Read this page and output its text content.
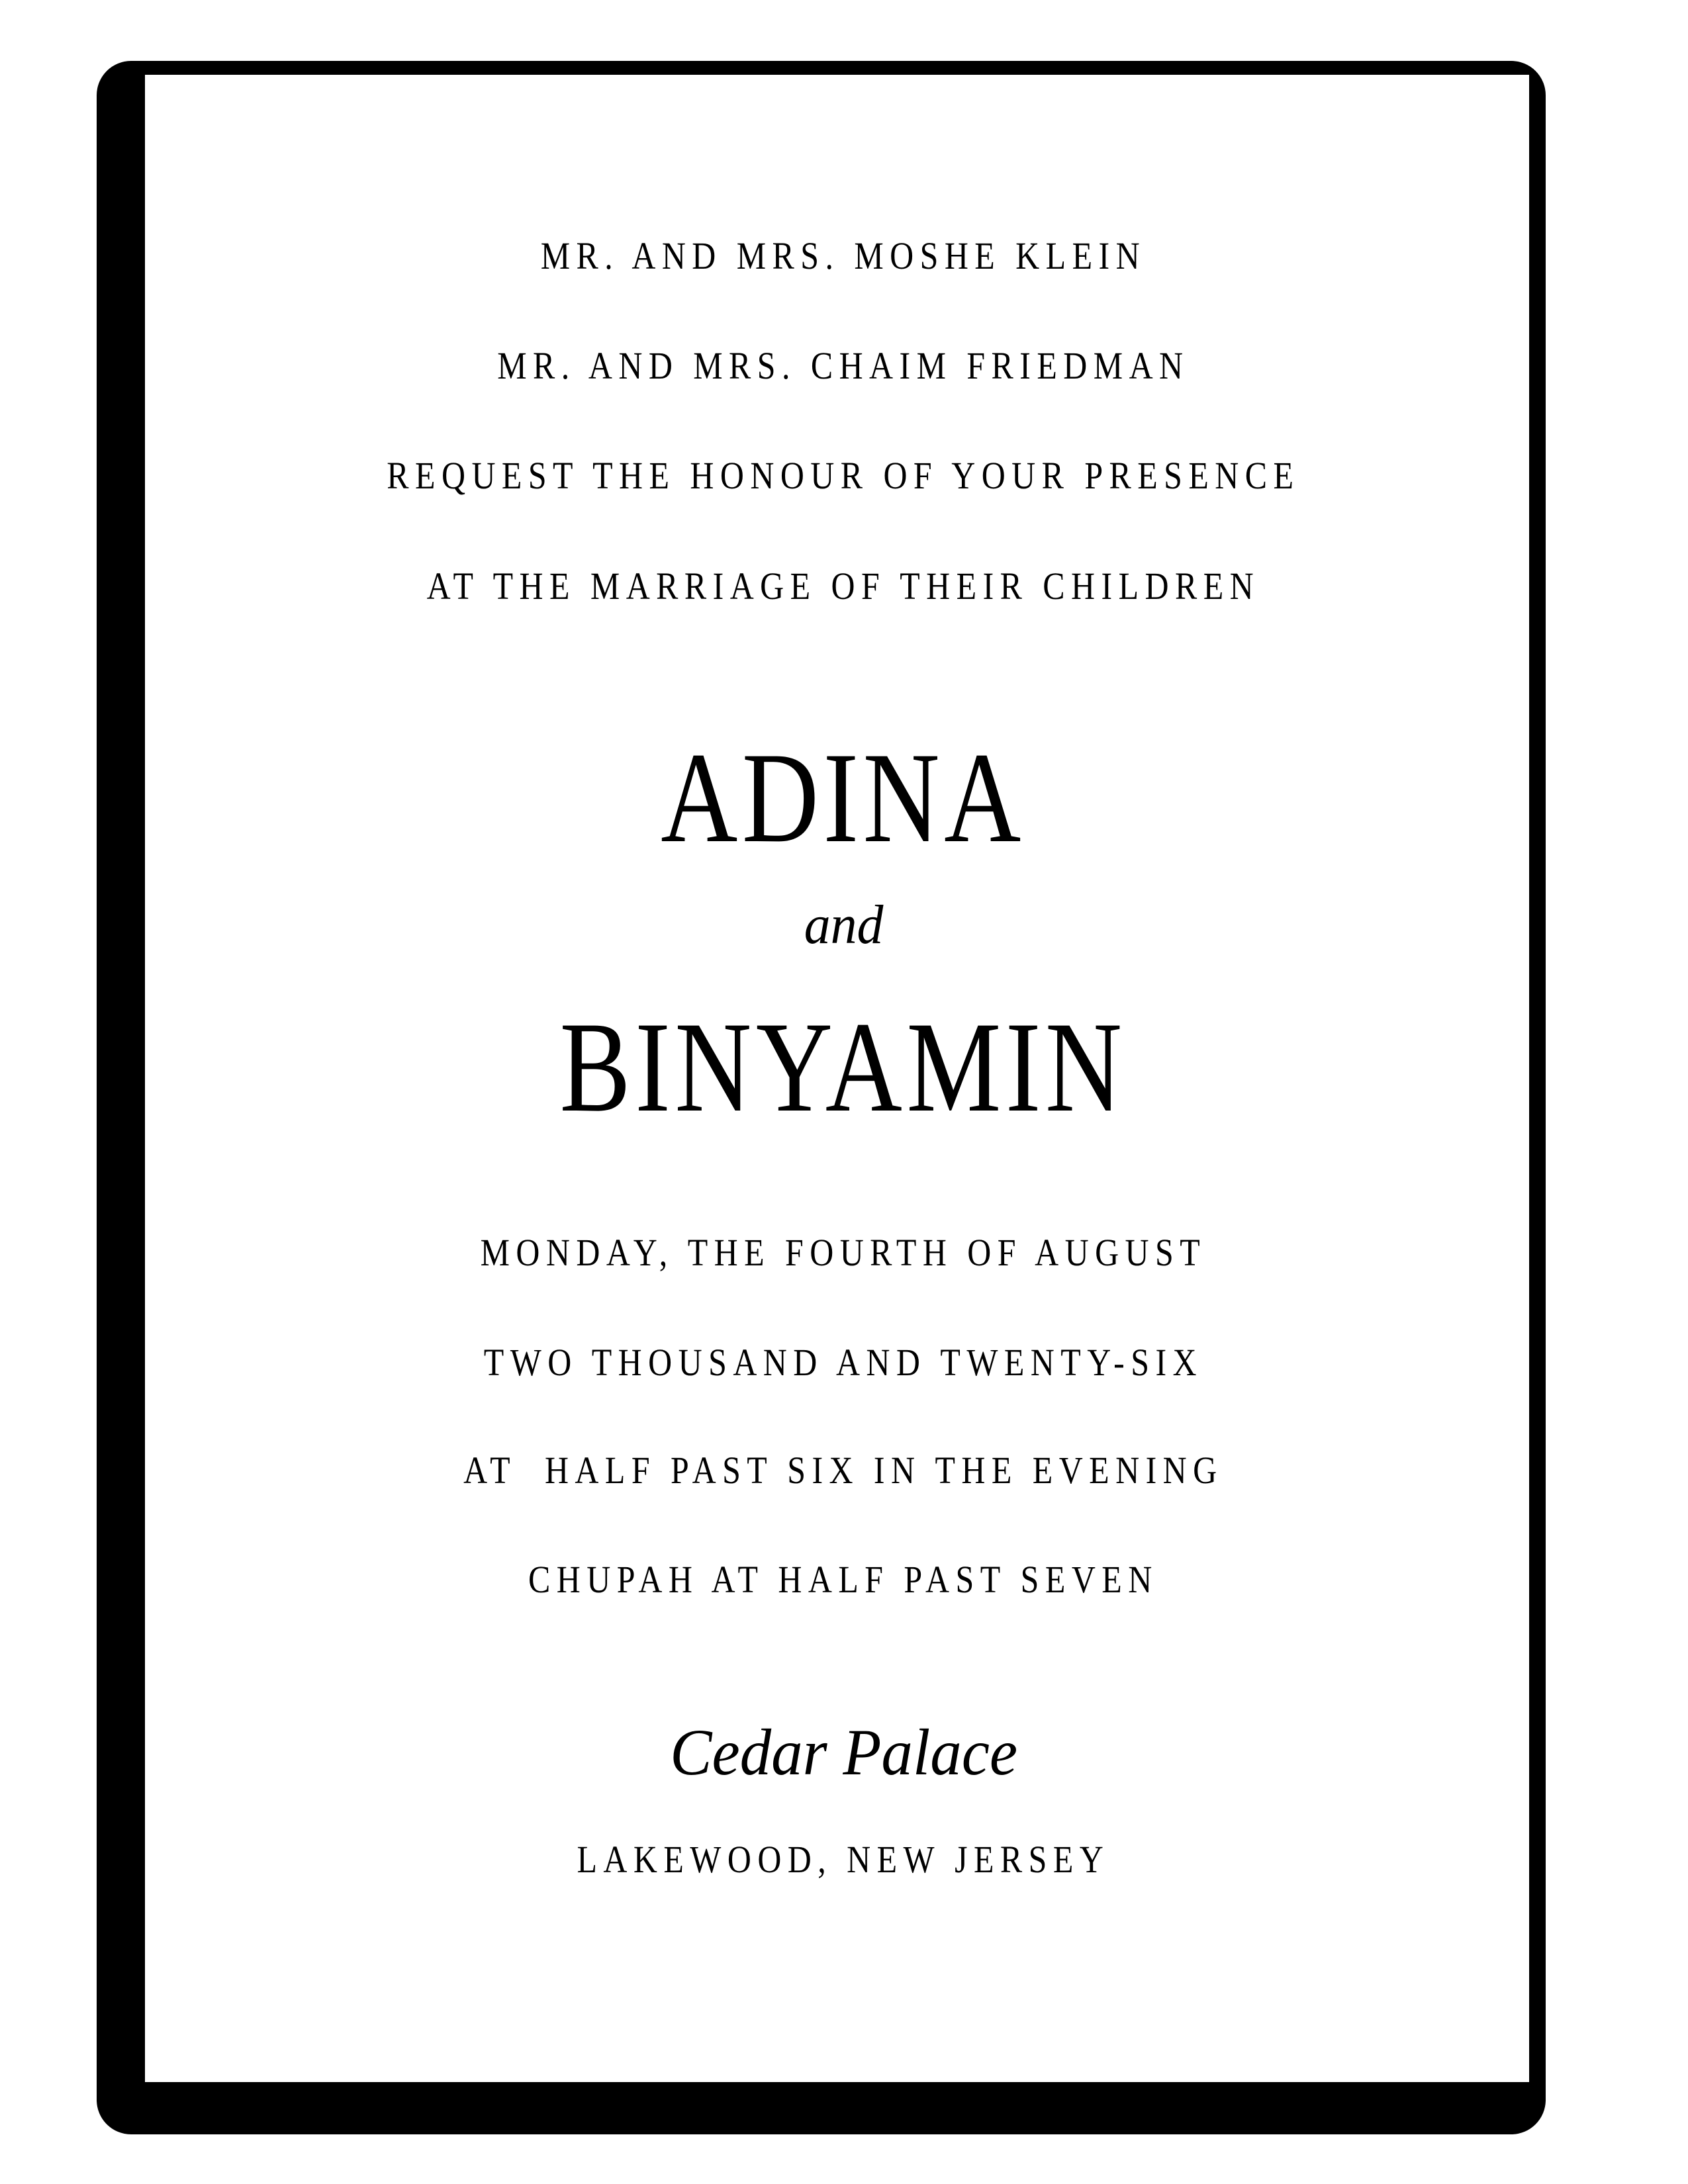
MR. AND MRS. MOSHE KLEIN
MR. AND MRS. CHAIM FRIEDMAN
REQUEST THE HONOUR OF YOUR PRESENCE
AT THE MARRIAGE OF THEIR CHILDREN
ADINA
and
BINYAMIN
MONDAY, THE FOURTH OF AUGUST
TWO THOUSAND AND TWENTY-SIX
AT  HALF PAST SIX IN THE EVENING
CHUPAH AT HALF PAST SEVEN
Cedar Palace
LAKEWOOD, NEW JERSEY
